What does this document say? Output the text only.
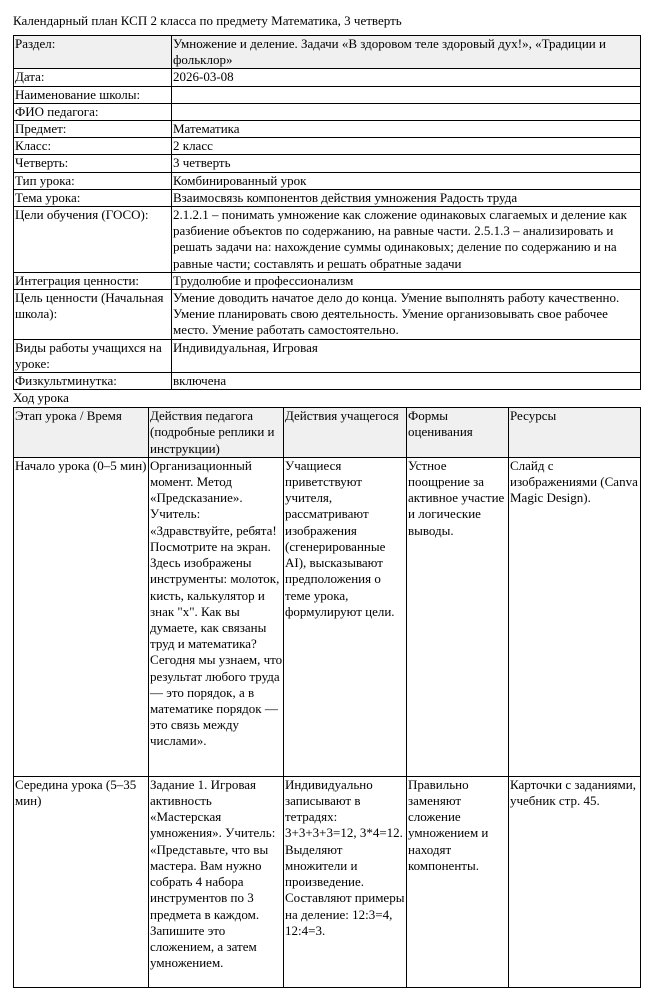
Календарный план КСП 2 класса по предмету Математика, 3 четверть
Раздел:	Умножение и деление. Задачи «В здоровом теле здоровый дух!», «Традиции и фольклор»
Дата:	2026-03-08
Наименование школы:	
ФИО педагога:	
Предмет:	Математика
Класс:	2 класс
Четверть:	3 четверть
Тип урока:	Комбинированный урок
Тема урока:	Взаимосвязь компонентов действия умножения Радость труда
Цели обучения (ГОСО):	2.1.2.1 – понимать умножение как сложение одинаковых слагаемых и деление как разбиение объектов по содержанию, на равные части. 2.5.1.3 – анализировать и решать задачи на: нахождение суммы одинаковых; деление по содержанию и на равные части; составлять и решать обратные задачи
Интеграция ценности:	Трудолюбие и профессионализм
Цель ценности (Начальная школа):	Умение доводить начатое дело до конца. Умение выполнять работу качественно. Умение планировать свою деятельность. Умение организовывать свое рабочее место. Умение работать самостоятельно.
Виды работы учащихся на уроке:	Индивидуальная, Игровая
Физкультминутка:	включена
Ход урока
Этап урока / Время	Действия педагога (подробные реплики и инструкции)	Действия учащегося	Формы оценивания	Ресурсы
Начало урока (0–5 мин)	Организационный момент. Метод «Предсказание». Учитель: «Здравствуйте, ребята! Посмотрите на экран. Здесь изображены инструменты: молоток, кисть, калькулятор и знак "x". Как вы думаете, как связаны труд и математика? Сегодня мы узнаем, что результат любого труда — это порядок, а в математике порядок — это связь между числами».	Учащиеся приветствуют учителя, рассматривают изображения (сгенерированные AI), высказывают предположения о теме урока, формулируют цели.	Устное поощрение за активное участие и логические выводы.	Слайд с изображениями (Canva Magic Design).
Середина урока (5–35 мин)	Задание 1. Игровая активность «Мастерская умножения». Учитель: «Представьте, что вы мастера. Вам нужно собрать 4 набора инструментов по 3 предмета в каждом. Запишите это сложением, а затем умножением.	Индивидуально записывают в тетрадях: 3+3+3+3=12, 3*4=12. Выделяют множители и произведение. Составляют примеры на деление: 12:3=4, 12:4=3.	Правильно заменяют сложение умножением и находят компоненты.	Карточки с заданиями, учебник стр. 45.
